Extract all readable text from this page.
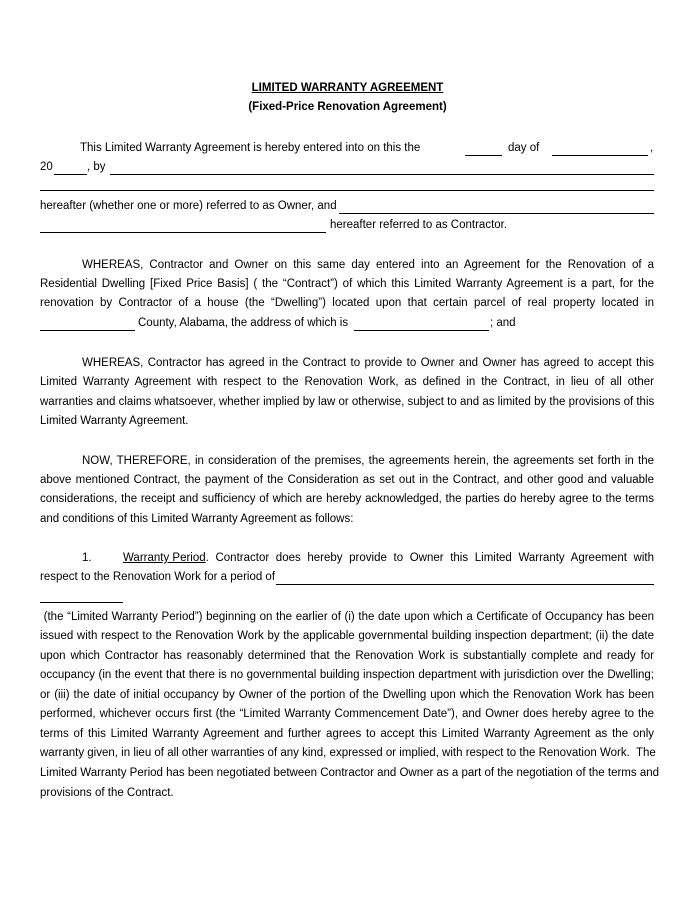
LIMITED WARRANTY AGREEMENT
(Fixed-Price Renovation Agreement)
This Limited Warranty Agreement is hereby entered into on this the	day of	,
20	, by
hereafter (whether one or more) referred to as Owner, and
hereafter referred to as Contractor.
WHEREAS, Contractor and Owner on this same day entered into an Agreement for the Renovation of a
Residential Dwelling [Fixed Price Basis] ( the “Contract”) of which this Limited Warranty Agreement is a part, for the
renovation by Contractor of a house (the “Dwelling”) located upon that certain parcel of real property located in
County, Alabama, the address of which is	; and
WHEREAS, Contractor has agreed in the Contract to provide to Owner and Owner has agreed to accept this
Limited Warranty Agreement with respect to the Renovation Work, as defined in the Contract, in lieu of all other
warranties and claims whatsoever, whether implied by law or otherwise, subject to and as limited by the provisions of this
Limited Warranty Agreement.
NOW, THEREFORE, in consideration of the premises, the agreements herein, the agreements set forth in the
above mentioned Contract, the payment of the Consideration as set out in the Contract, and other good and valuable
considerations, the receipt and sufficiency of which are hereby acknowledged, the parties do hereby agree to the terms
and conditions of this Limited Warranty Agreement as follows:
1.	Warranty Period . Contractor does hereby provide to Owner this Limited Warranty Agreement with
respect to the Renovation Work for a period of
(the “Limited Warranty Period”) beginning on the earlier of (i) the date upon which a Certificate of Occupancy has been
issued with respect to the Renovation Work by the applicable governmental building inspection department; (ii) the date
upon which Contractor has reasonably determined that the Renovation Work is substantially complete and ready for
occupancy (in the event that there is no governmental building inspection department with jurisdiction over the Dwelling;
or (iii) the date of initial occupancy by Owner of the portion of the Dwelling upon which the Renovation Work has been
performed, whichever occurs first (the “Limited Warranty Commencement Date”), and Owner does hereby agree to the
terms of this Limited Warranty Agreement and further agrees to accept this Limited Warranty Agreement as the only
warranty given, in lieu of all other warranties of any kind, expressed or implied, with respect to the Renovation Work.  The
Limited Warranty Period has been negotiated between Contractor and Owner as a part of the negotiation of the terms and
provisions of the Contract.
